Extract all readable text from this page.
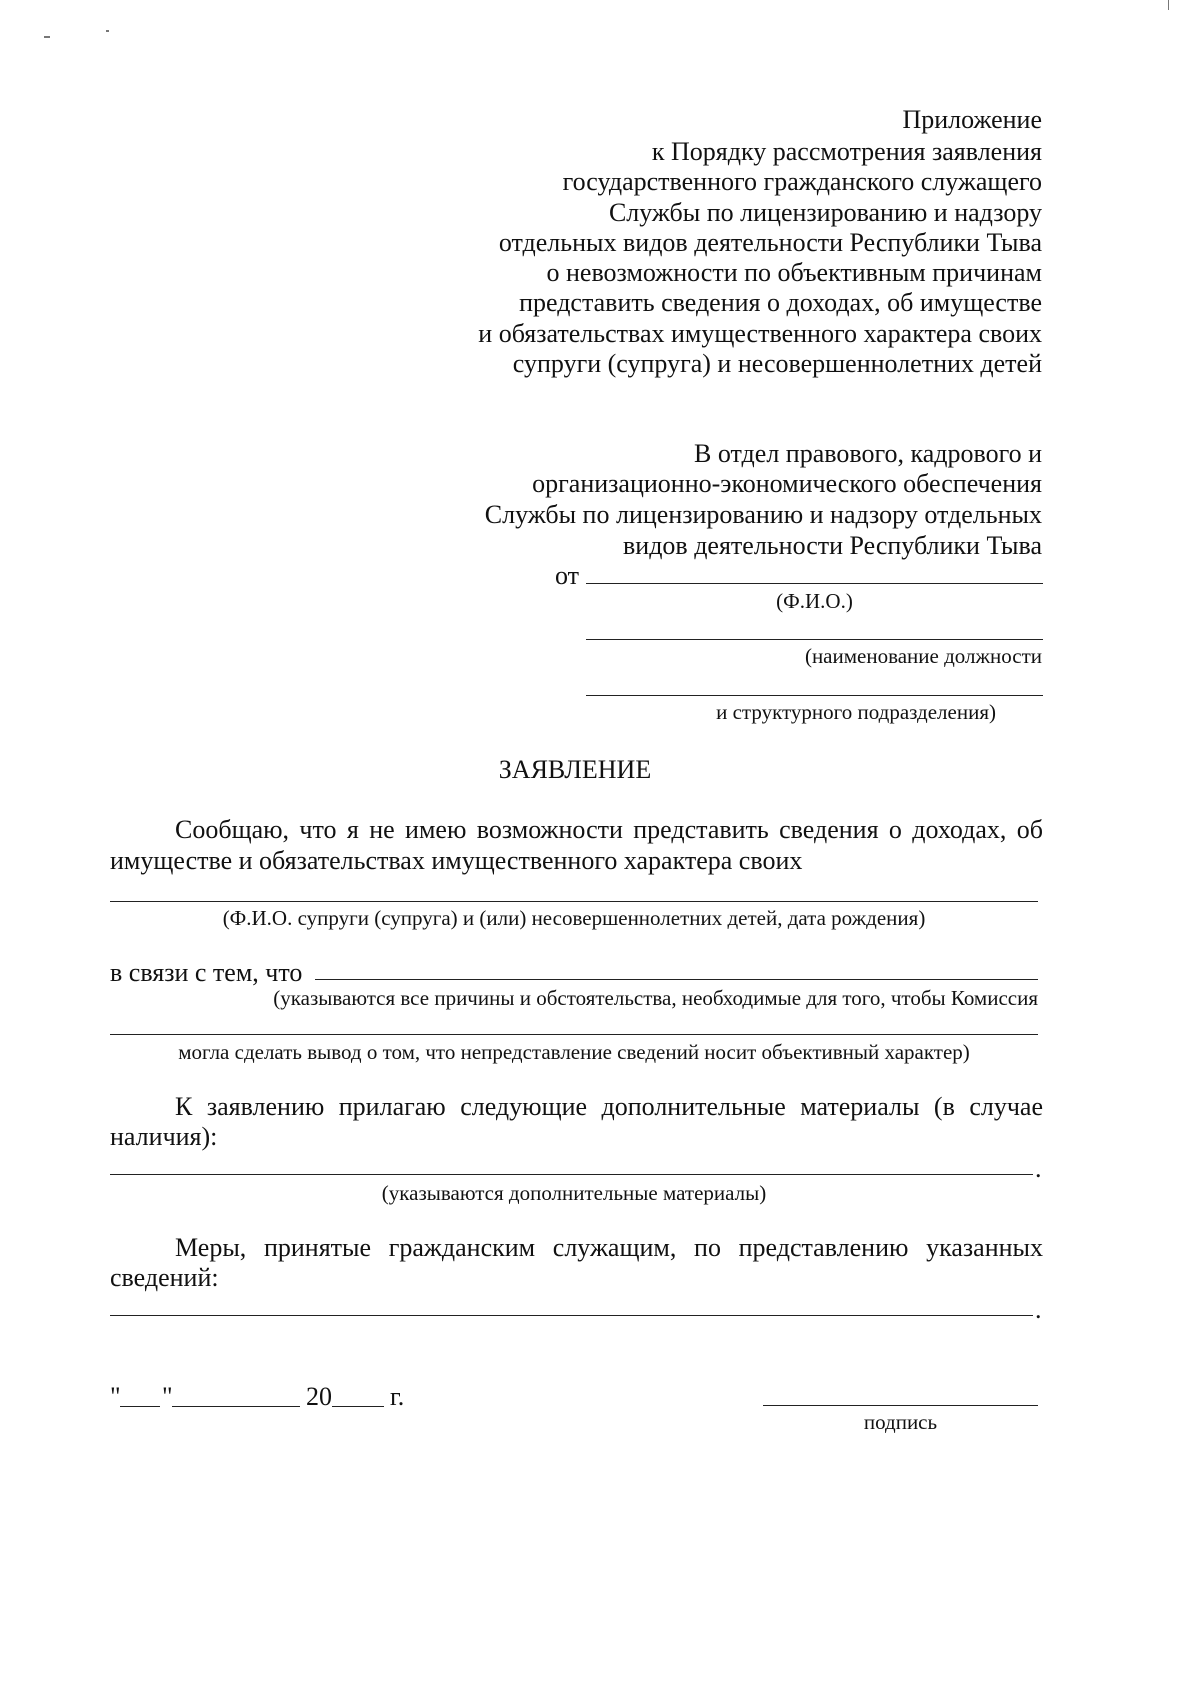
Приложение
к Порядку рассмотрения заявления
государственного гражданского служащего
Службы по лицензированию и надзору
отдельных видов деятельности Республики Тыва
о невозможности по объективным причинам
представить сведения о доходах, об имуществе
и обязательствах имущественного характера своих
супруги (супруга) и несовершеннолетних детей
В отдел правового, кадрового и
организационно-экономического обеспечения
Службы по лицензированию и надзору отдельных
видов деятельности Республики Тыва
от
(Ф.И.О.)
(наименование должности
и структурного подразделения)
ЗАЯВЛЕНИЕ
Сообщаю, что я не имею возможности представить сведения о доходах, об
имуществе и обязательствах имущественного характера своих
(Ф.И.О. супруги (супруга) и (или) несовершеннолетних детей, дата рождения)
в связи с тем, что
(указываются все причины и обстоятельства, необходимые для того, чтобы Комиссия
могла сделать вывод о том, что непредставление сведений носит объективный характер)
К заявлению прилагаю следующие дополнительные материалы (в случае
наличия):
.
(указываются дополнительные материалы)
Меры, принятые гражданским служащим, по представлению указанных
сведений:
.
" "	20 г.
подпись
